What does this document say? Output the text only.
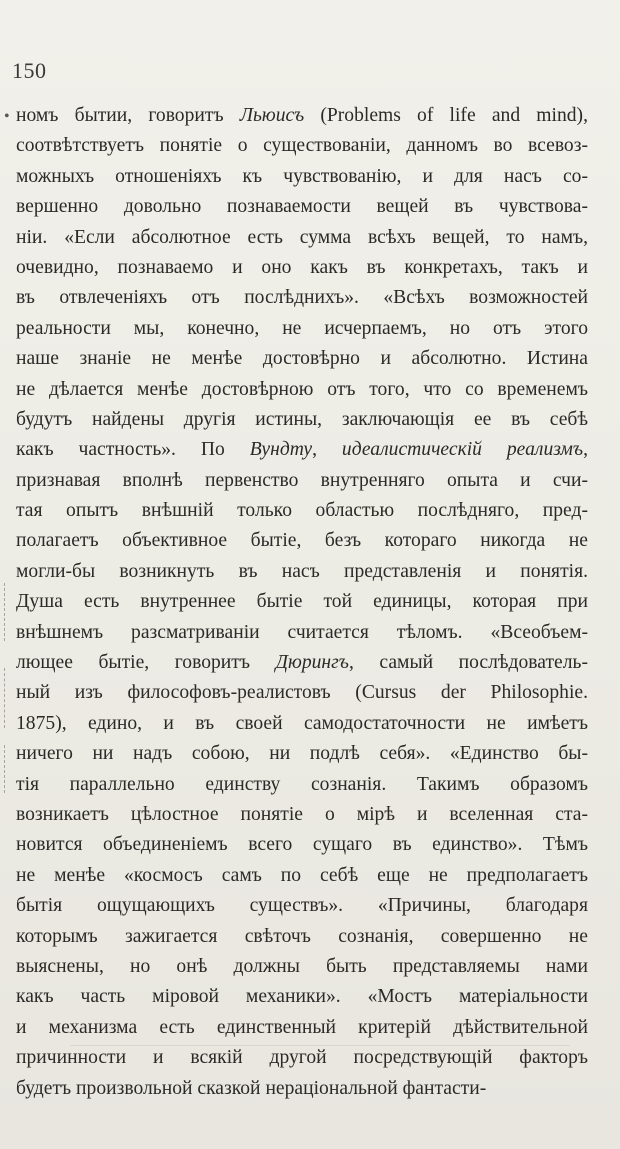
150
• номъ бытии, говоритъ Льюисъ (Problems of life and mind),
соотвѣтствуетъ понятіе о существованіи, данномъ во всевоз-
можныхъ отношеніяхъ къ чувствованію, и для насъ со-
вершенно довольно познаваемости вещей въ чувствова-
ніи. «Если абсолютное есть сумма всѣхъ вещей, то намъ,
очевидно, познаваемо и оно какъ въ конкретахъ, такъ и
въ отвлеченіяхъ отъ послѣднихъ». «Всѣхъ возможностей
реальности мы, конечно, не исчерпаемъ, но отъ этого
наше знаніе не менѣе достовѣрно и абсолютно. Истина
не дѣлается менѣе достовѣрною отъ того, что со временемъ
будутъ найдены другія истины, заключающія ее въ себѣ
какъ частность». По Вундту, идеалистическій реализмъ,
признавая вполнѣ первенство внутренняго опыта и счи-
тая опытъ внѣшній только областью послѣдняго, пред-
полагаетъ объективное бытіе, безъ котораго никогда не
могли-бы возникнуть въ насъ представленія и понятія.
Душа есть внутреннее бытіе той единицы, которая при
внѣшнемъ разсматриваніи считается тѣломъ. «Всеобъем-
лющее бытіе, говоритъ Дюрингъ, самый послѣдователь-
ный изъ философовъ-реалистовъ (Cursus der Philosophie.
1875), едино, и въ своей самодостаточности не имѣетъ
ничего ни надъ собою, ни подлѣ себя». «Единство бы-
тія параллельно единству сознанія. Такимъ образомъ
возникаетъ цѣлостное понятіе о мірѣ и вселенная ста-
новится объединеніемъ всего сущаго въ единство». Тѣмъ
не менѣе «космосъ самъ по себѣ еще не предполагаетъ
бытія ощущающихъ существъ». «Причины, благодаря
которымъ зажигается свѣточъ сознанія, совершенно не
выяснены, но онѣ должны быть представляемы нами
какъ часть міровой механики». «Мостъ матеріальности
и механизма есть единственный критерій дѣйствительной
причинности и всякій другой посредствующій факторъ
будетъ произвольной сказкой нераціональной фантасти-
